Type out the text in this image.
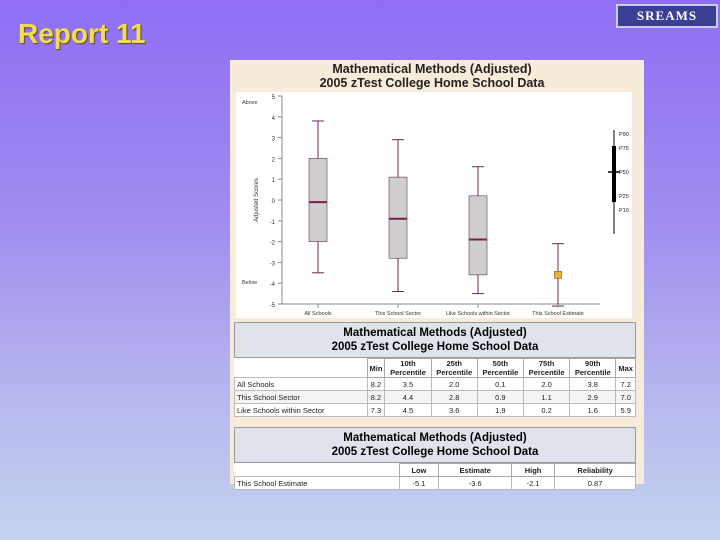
Report 11
SREAMS
Mathematical Methods (Adjusted)
2005 zTest College Home School Data
-5
-4
-3
-2
-1
0
1
2
3
4
5
Adjusted Scores
Above
Below
All Schools	This School Sector	Like Schools within Sector	This School Estimate
P90
P75
P50
P25
P10
Mathematical Methods (Adjusted)
2005 zTest College Home School Data
	Min	10th Percentile	25th Percentile	50th Percentile	75th Percentile	90th Percentile	Max
All Schools	8.2	3.5	2.0	0.1	2.0	3.8	7.2
This School Sector	8.2	4.4	2.8	0.9	1.1	2.9	7.0
Like Schools within Sector	7.3	4.5	3.6	1.9	0.2	1.6	5.9
Mathematical Methods (Adjusted)
2005 zTest College Home School Data
	Low	Estimate	High	Reliability
This School Estimate	-5.1	-3.6	-2.1	0.87
